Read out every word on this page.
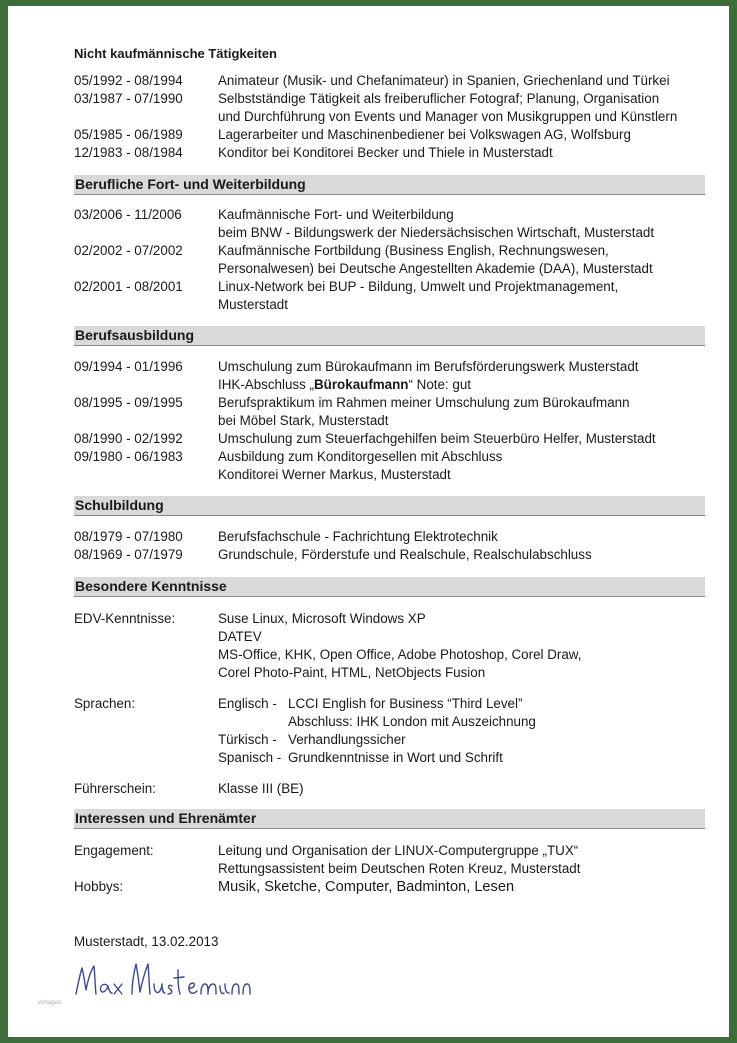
Nicht kaufmännische Tätigkeiten
05/1992 - 08/1994	Animateur (Musik- und Chefanimateur) in Spanien, Griechenland und Türkei
03/1987 - 07/1990	Selbstständige Tätigkeit als freiberuflicher Fotograf; Planung, Organisation
und Durchführung von Events und Manager von Musikgruppen und Künstlern
05/1985 - 06/1989	Lagerarbeiter und Maschinenbediener bei Volkswagen AG, Wolfsburg
12/1983 - 08/1984	Konditor bei Konditorei Becker und Thiele in Musterstadt
Berufliche Fort- und Weiterbildung
03/2006 - 11/2006	Kaufmännische Fort- und Weiterbildung
beim BNW - Bildungswerk der Niedersächsischen Wirtschaft, Musterstadt
02/2002 - 07/2002	Kaufmännische Fortbildung (Business English, Rechnungswesen,
Personalwesen) bei Deutsche Angestellten Akademie (DAA), Musterstadt
02/2001 - 08/2001	Linux-Network bei BUP - Bildung, Umwelt und Projektmanagement,
Musterstadt
Berufsausbildung
09/1994 - 01/1996	Umschulung zum Bürokaufmann im Berufsförderungswerk Musterstadt
IHK-Abschluss „Bürokaufmann“ Note: gut
08/1995 - 09/1995	Berufspraktikum im Rahmen meiner Umschulung zum Bürokaufmann
bei Möbel Stark, Musterstadt
08/1990 - 02/1992	Umschulung zum Steuerfachgehilfen beim Steuerbüro Helfer, Musterstadt
09/1980 - 06/1983	Ausbildung zum Konditorgesellen mit Abschluss
Konditorei Werner Markus, Musterstadt
Schulbildung
08/1979 - 07/1980	Berufsfachschule - Fachrichtung Elektrotechnik
08/1969 - 07/1979	Grundschule, Förderstufe und Realschule, Realschulabschluss
Besondere Kenntnisse
EDV-Kenntnisse:	Suse Linux, Microsoft Windows XP
DATEV
MS-Office, KHK, Open Office, Adobe Photoshop, Corel Draw,
Corel Photo-Paint, HTML, NetObjects Fusion
Sprachen:	Englisch - LCCI English for Business “Third Level”
Abschluss: IHK London mit Auszeichnung
Türkisch - Verhandlungssicher
Spanisch - Grundkenntnisse in Wort und Schrift
Führerschein:	Klasse III (BE)
Interessen und Ehrenämter
Engagement:	Leitung und Organisation der LINUX-Computergruppe „TUX“
Rettungsassistent beim Deutschen Roten Kreuz, Musterstadt
Hobbys:	Musik, Sketche, Computer, Badminton, Lesen
Musterstadt, 13.02.2013
vorlagen
